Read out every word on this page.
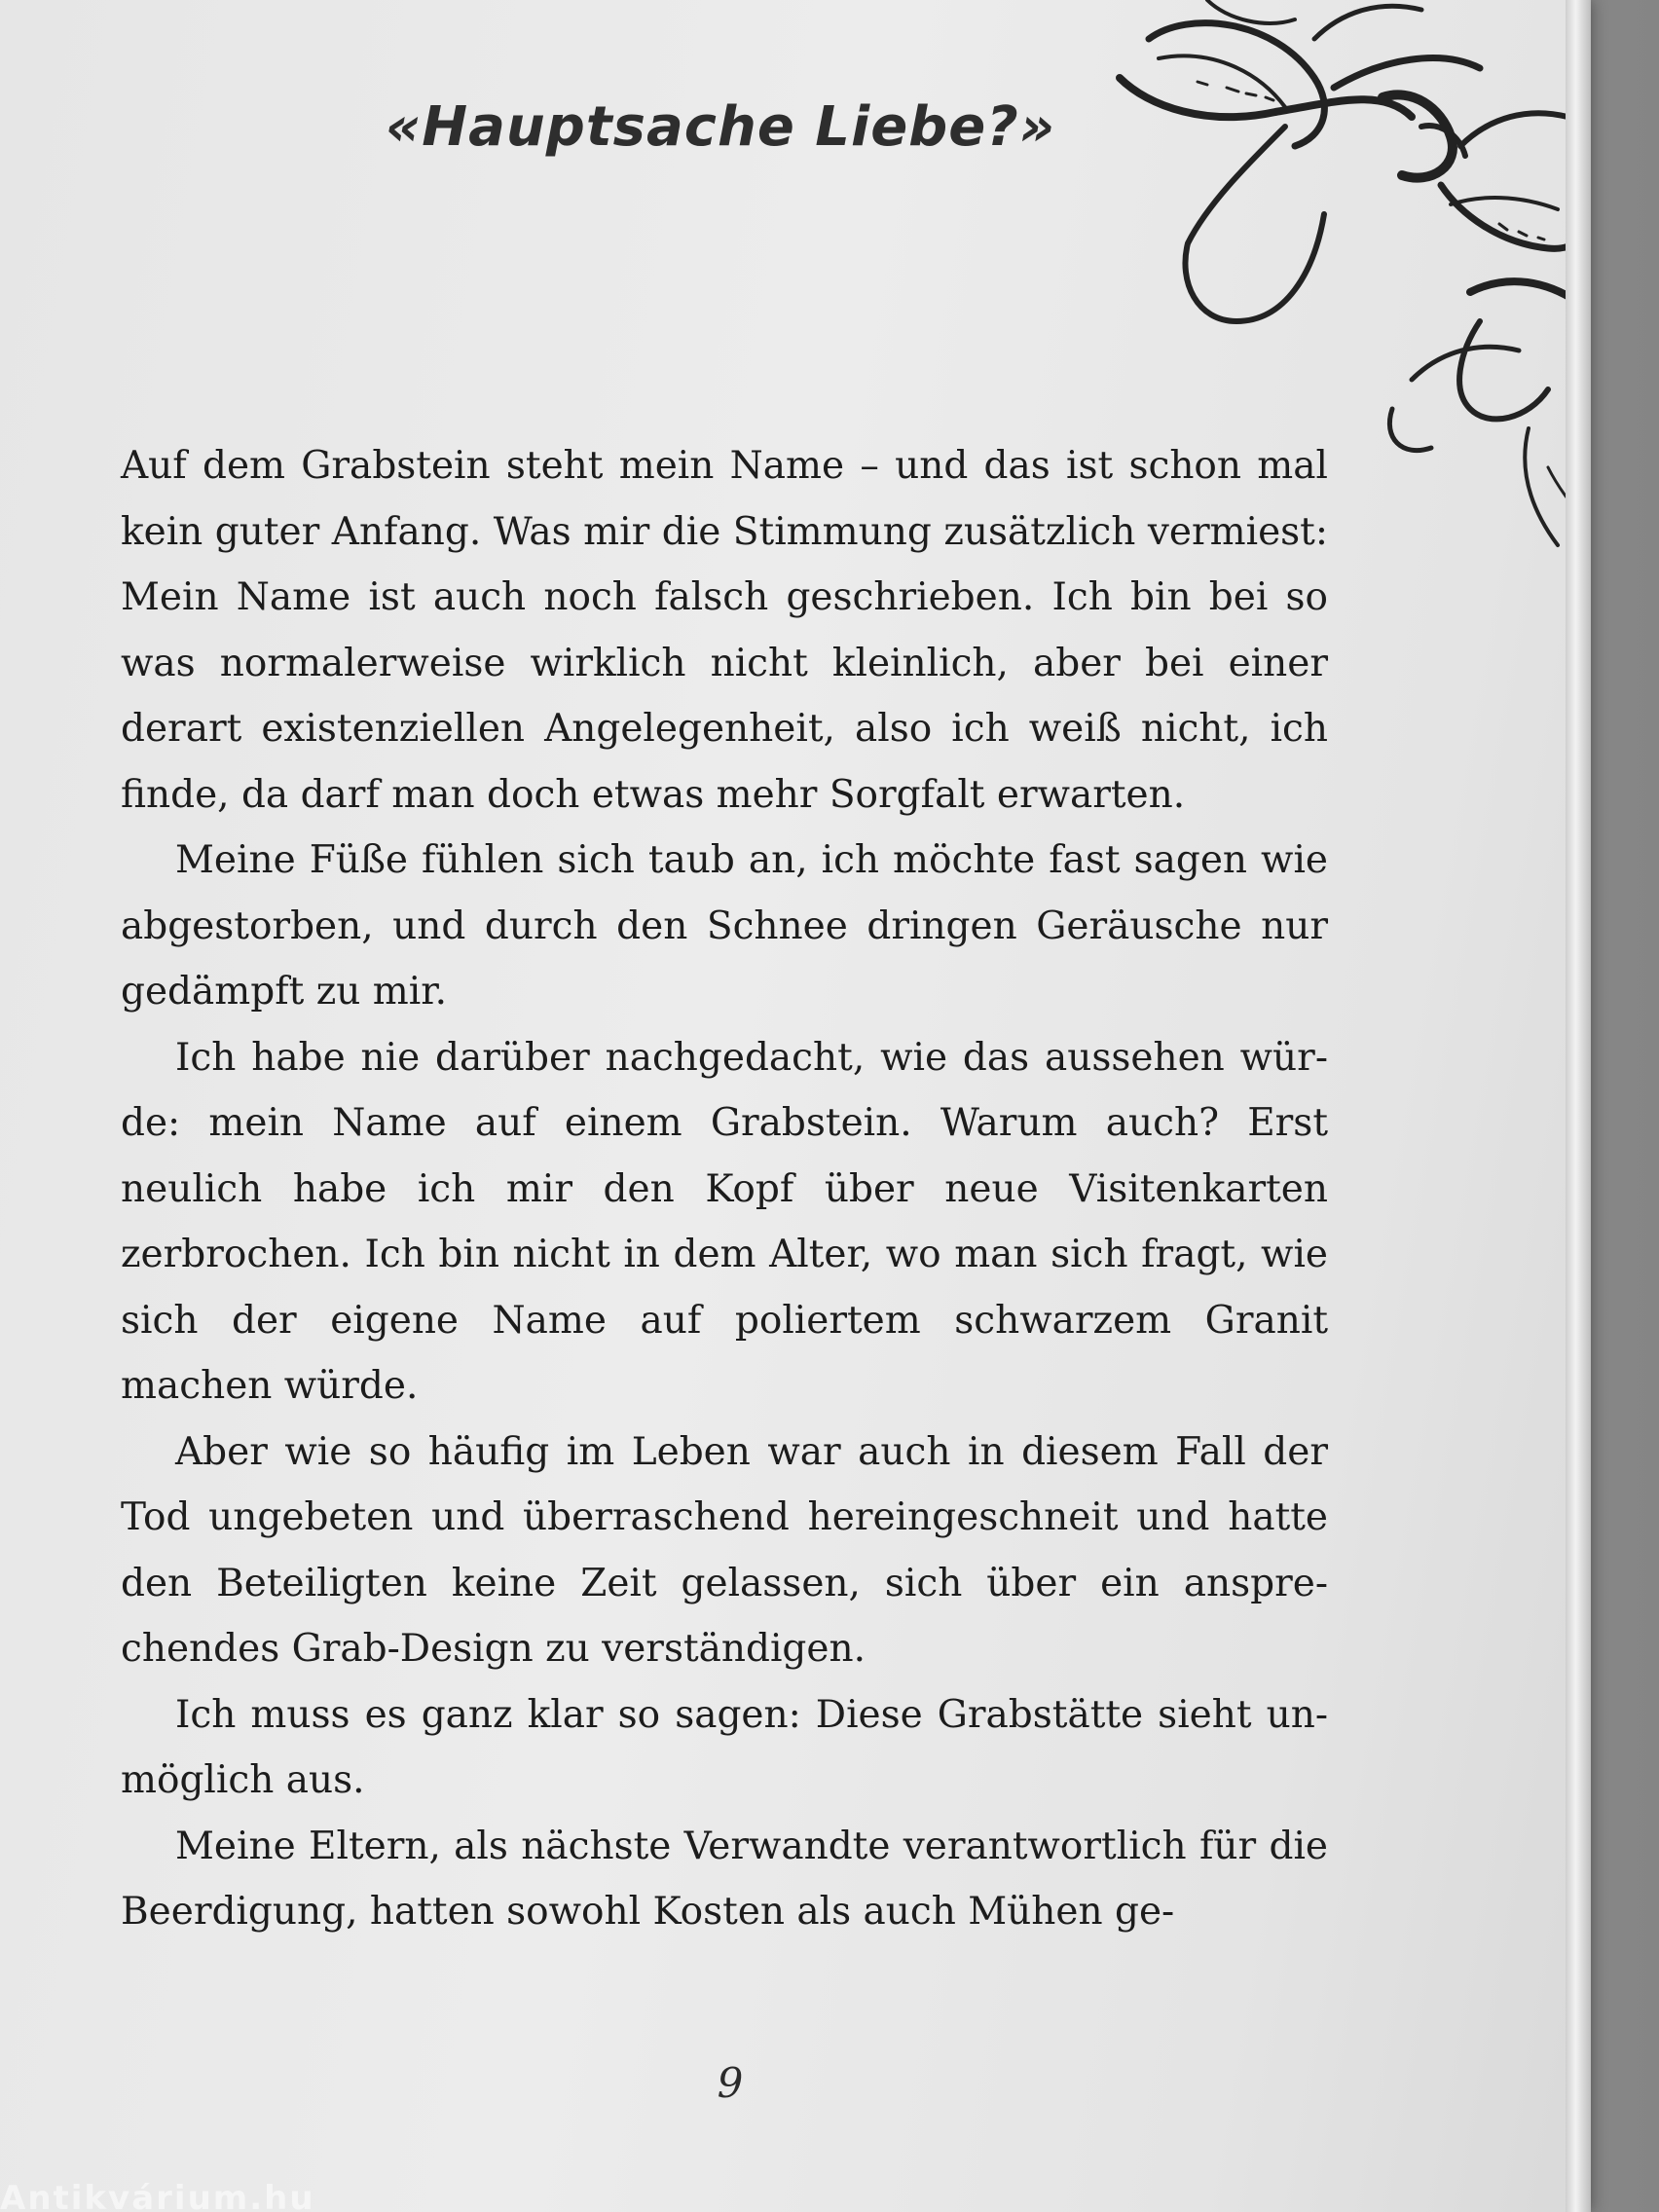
«Hauptsache Liebe?»

Auf dem Grabstein steht mein Name – und das ist schon mal kein guter Anfang. Was mir die Stimmung zusätzlich vermiest: Mein Name ist auch noch falsch geschrieben. Ich bin bei so was normalerweise wirklich nicht kleinlich, aber bei einer derart existenziellen Angelegenheit, also ich weiß nicht, ich finde, da darf man doch etwas mehr Sorgfalt erwarten.

Meine Füße fühlen sich taub an, ich möchte fast sagen wie abgestorben, und durch den Schnee dringen Geräusche nur gedämpft zu mir.

Ich habe nie darüber nachgedacht, wie das aussehen würde: mein Name auf einem Grabstein. Warum auch? Erst neulich habe ich mir den Kopf über neue Visitenkarten zerbrochen. Ich bin nicht in dem Alter, wo man sich fragt, wie sich der eigene Name auf poliertem schwarzem Granit machen würde.

Aber wie so häufig im Leben war auch in diesem Fall der Tod ungebeten und überraschend hereingeschneit und hatte den Beteiligten keine Zeit gelassen, sich über ein ansprechendes Grab-Design zu verständigen.

Ich muss es ganz klar so sagen: Diese Grabstätte sieht unmöglich aus.

Meine Eltern, als nächste Verwandte verantwortlich für die Beerdigung, hatten sowohl Kosten als auch Mühen ge-

9
Antikvárium.hu
